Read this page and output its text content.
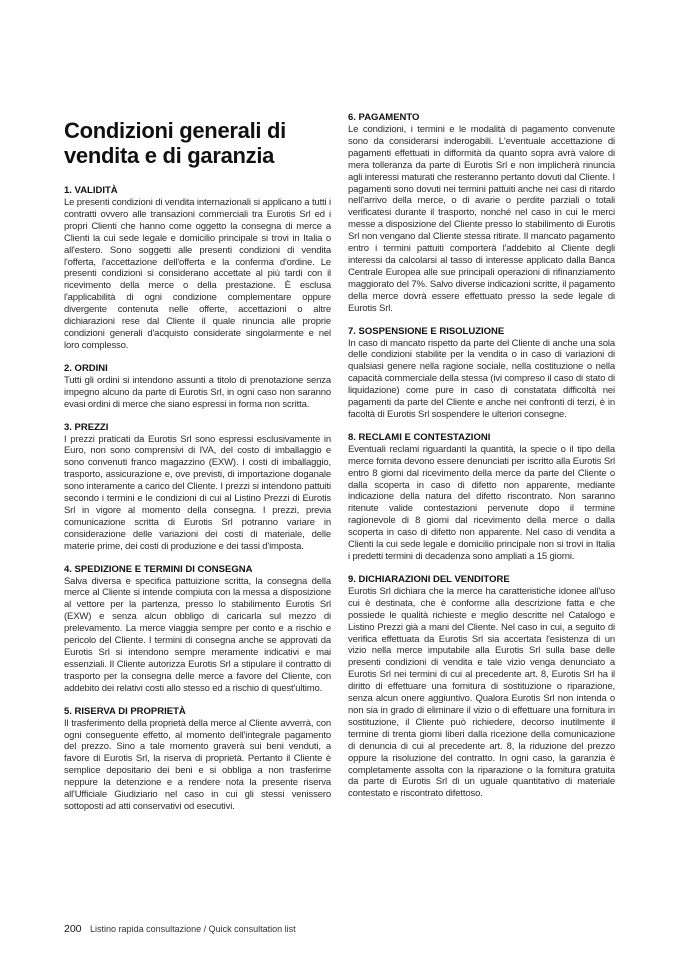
Condizioni generali di vendita e di garanzia
1. VALIDITÀ

Le presenti condizioni di vendita internazionali si applicano a tutti i contratti ovvero alle transazioni commerciali tra Eurotis Srl ed i propri Clienti che hanno come oggetto la consegna di merce a Clienti la cui sede legale e domicilio principale si trovi in Italia o all'estero. Sono soggetti alle presenti condizioni di vendita l'offerta, l'accettazione dell'offerta e la conferma d'ordine. Le presenti condizioni si considerano accettate al più tardi con il ricevimento della merce o della prestazione. È esclusa l'applicabilità di ogni condizione complementare oppure divergente contenuta nelle offerte, accettazioni o altre dichiarazioni rese dal Cliente il quale rinuncia alle proprie condizioni generali d'acquisto considerate singolarmente e nel loro complesso.

2. ORDINI

Tutti gli ordini si intendono assunti a titolo di prenotazione senza impegno alcuno da parte di Eurotis Srl, in ogni caso non saranno evasi ordini di merce che siano espressi in forma non scritta.

3. PREZZI

I prezzi praticati da Eurotis Srl sono espressi esclusivamente in Euro, non sono comprensivi di IVA, del costo di imballaggio e sono convenuti franco magazzino (EXW). I costi di imballaggio, trasporto, assicurazione e, ove previsti, di importazione doganale sono interamente a carico del Cliente. I prezzi si intendono pattuiti secondo i termini e le condizioni di cui al Listino Prezzi di Eurotis Srl in vigore al momento della consegna. I prezzi, previa comunicazione scritta di Eurotis Srl potranno variare in considerazione delle variazioni dei costi di materiale, delle materie prime, dei costi di produzione e dei tassi d'imposta.

4. SPEDIZIONE E TERMINI DI CONSEGNA

Salva diversa e specifica pattuizione scritta, la consegna della merce al Cliente si intende compiuta con la messa a disposizione al vettore per la partenza, presso lo stabilimento Eurotis Srl (EXW) e senza alcun obbligo di caricarla sul mezzo di prelevamento. La merce viaggia sempre per conto e a rischio e pericolo del Cliente. I termini di consegna anche se approvati da Eurotis Srl si intendono sempre meramente indicativi e mai essenziali. Il Cliente autorizza Eurotis Srl a stipulare il contratto di trasporto per la consegna delle merce a favore del Cliente, con addebito dei relativi costi allo stesso ed a rischio di quest'ultimo.

5. RISERVA DI PROPRIETÀ

Il trasferimento della proprietà della merce al Cliente avverrà, con ogni conseguente effetto, al momento dell'integrale pagamento del prezzo. Sino a tale momento graverà sui beni venduti, a favore di Eurotis Srl, la riserva di proprietà. Pertanto il Cliente è semplice depositario dei beni e si obbliga a non trasferirne neppure la detenzione e a rendere nota la presente riserva all'Ufficiale Giudiziario nel caso in cui gli stessi venissero sottoposti ad atti conservativi od esecutivi.

6. PAGAMENTO

Le condizioni, i termini e le modalità di pagamento convenute sono da considerarsi inderogabili. L'eventuale accettazione di pagamenti effettuati in difformità da quanto sopra avrà valore di mera tolleranza da parte di Eurotis Srl e non implicherà rinuncia agli interessi maturati che resteranno pertanto dovuti dal Cliente. I pagamenti sono dovuti nei termini pattuiti anche nei casi di ritardo nell'arrivo della merce, o di avarie o perdite parziali o totali verificatesi durante il trasporto, nonché nel caso in cui le merci messe a disposizione del Cliente presso lo stabilimento di Eurotis Srl non vengano dal Cliente stessa ritirate. Il mancato pagamento entro i termini pattuiti comporterà l'addebito al Cliente degli interessi da calcolarsi al tasso di interesse applicato dalla Banca Centrale Europea alle sue principali operazioni di rifinanziamento maggiorato del 7%. Salvo diverse indicazioni scritte, il pagamento della merce dovrà essere effettuato presso la sede legale di Eurotis Srl.

7. SOSPENSIONE E RISOLUZIONE

In caso di mancato rispetto da parte del Cliente di anche una sola delle condizioni stabilite per la vendita o in caso di variazioni di qualsiasi genere nella ragione sociale, nella costituzione o nella capacità commerciale della stessa (ivi compreso il caso di stato di liquidazione) come pure in caso di constatata difficoltà nei pagamenti da parte del Cliente e anche nei confronti di terzi, è in facoltà di Eurotis Srl sospendere le ulteriori consegne.

8. RECLAMI E CONTESTAZIONI

Eventuali reclami riguardanti la quantità, la specie o il tipo della merce fornita devono essere denunciati per iscritto alla Eurotis Srl entro 8 giorni dal ricevimento della merce da parte del Cliente o dalla scoperta in caso di difetto non apparente, mediante indicazione della natura del difetto riscontrato. Non saranno ritenute valide contestazioni pervenute dopo il termine ragionevole di 8 giorni dal ricevimento della merce o dalla scoperta in caso di difetto non apparente. Nel caso di vendita a Clienti la cui sede legale e domicilio principale non si trovi in Italia i predetti termini di decadenza sono ampliati a 15 giorni.

9. DICHIARAZIONI DEL VENDITORE

Eurotis Srl dichiara che la merce ha caratteristiche idonee all'uso cui è destinata, che è conforme alla descrizione fatta e che possiede le qualità richieste e meglio descritte nel Catalogo e Listino Prezzi già a mani del Cliente. Nel caso in cui, a seguito di verifica effettuata da Eurotis Srl sia accertata l'esistenza di un vizio nella merce imputabile alla Eurotis Srl sulla base delle presenti condizioni di vendita e tale vizio venga denunciato a Eurotis Srl nei termini di cui al precedente art. 8, Eurotis Srl ha il diritto di effettuare una fornitura di sostituzione o riparazione, senza alcun onere aggiuntivo. Qualora Eurotis Srl non intenda o non sia in grado di eliminare il vizio o di effettuare una fornitura in sostituzione, il Cliente può richiedere, decorso inutilmente il termine di trenta giorni liberi dalla ricezione della comunicazione di denuncia di cui al precedente art. 8, la riduzione del prezzo oppure la risoluzione del contratto. In ogni caso, la garanzia è completamente assolta con la riparazione o la fornitura gratuita da parte di Eurotis Srl di un uguale quantitativo di materiale contestato e riscontrato difettoso.

200 Listino rapida consultazione / Quick consultation list
